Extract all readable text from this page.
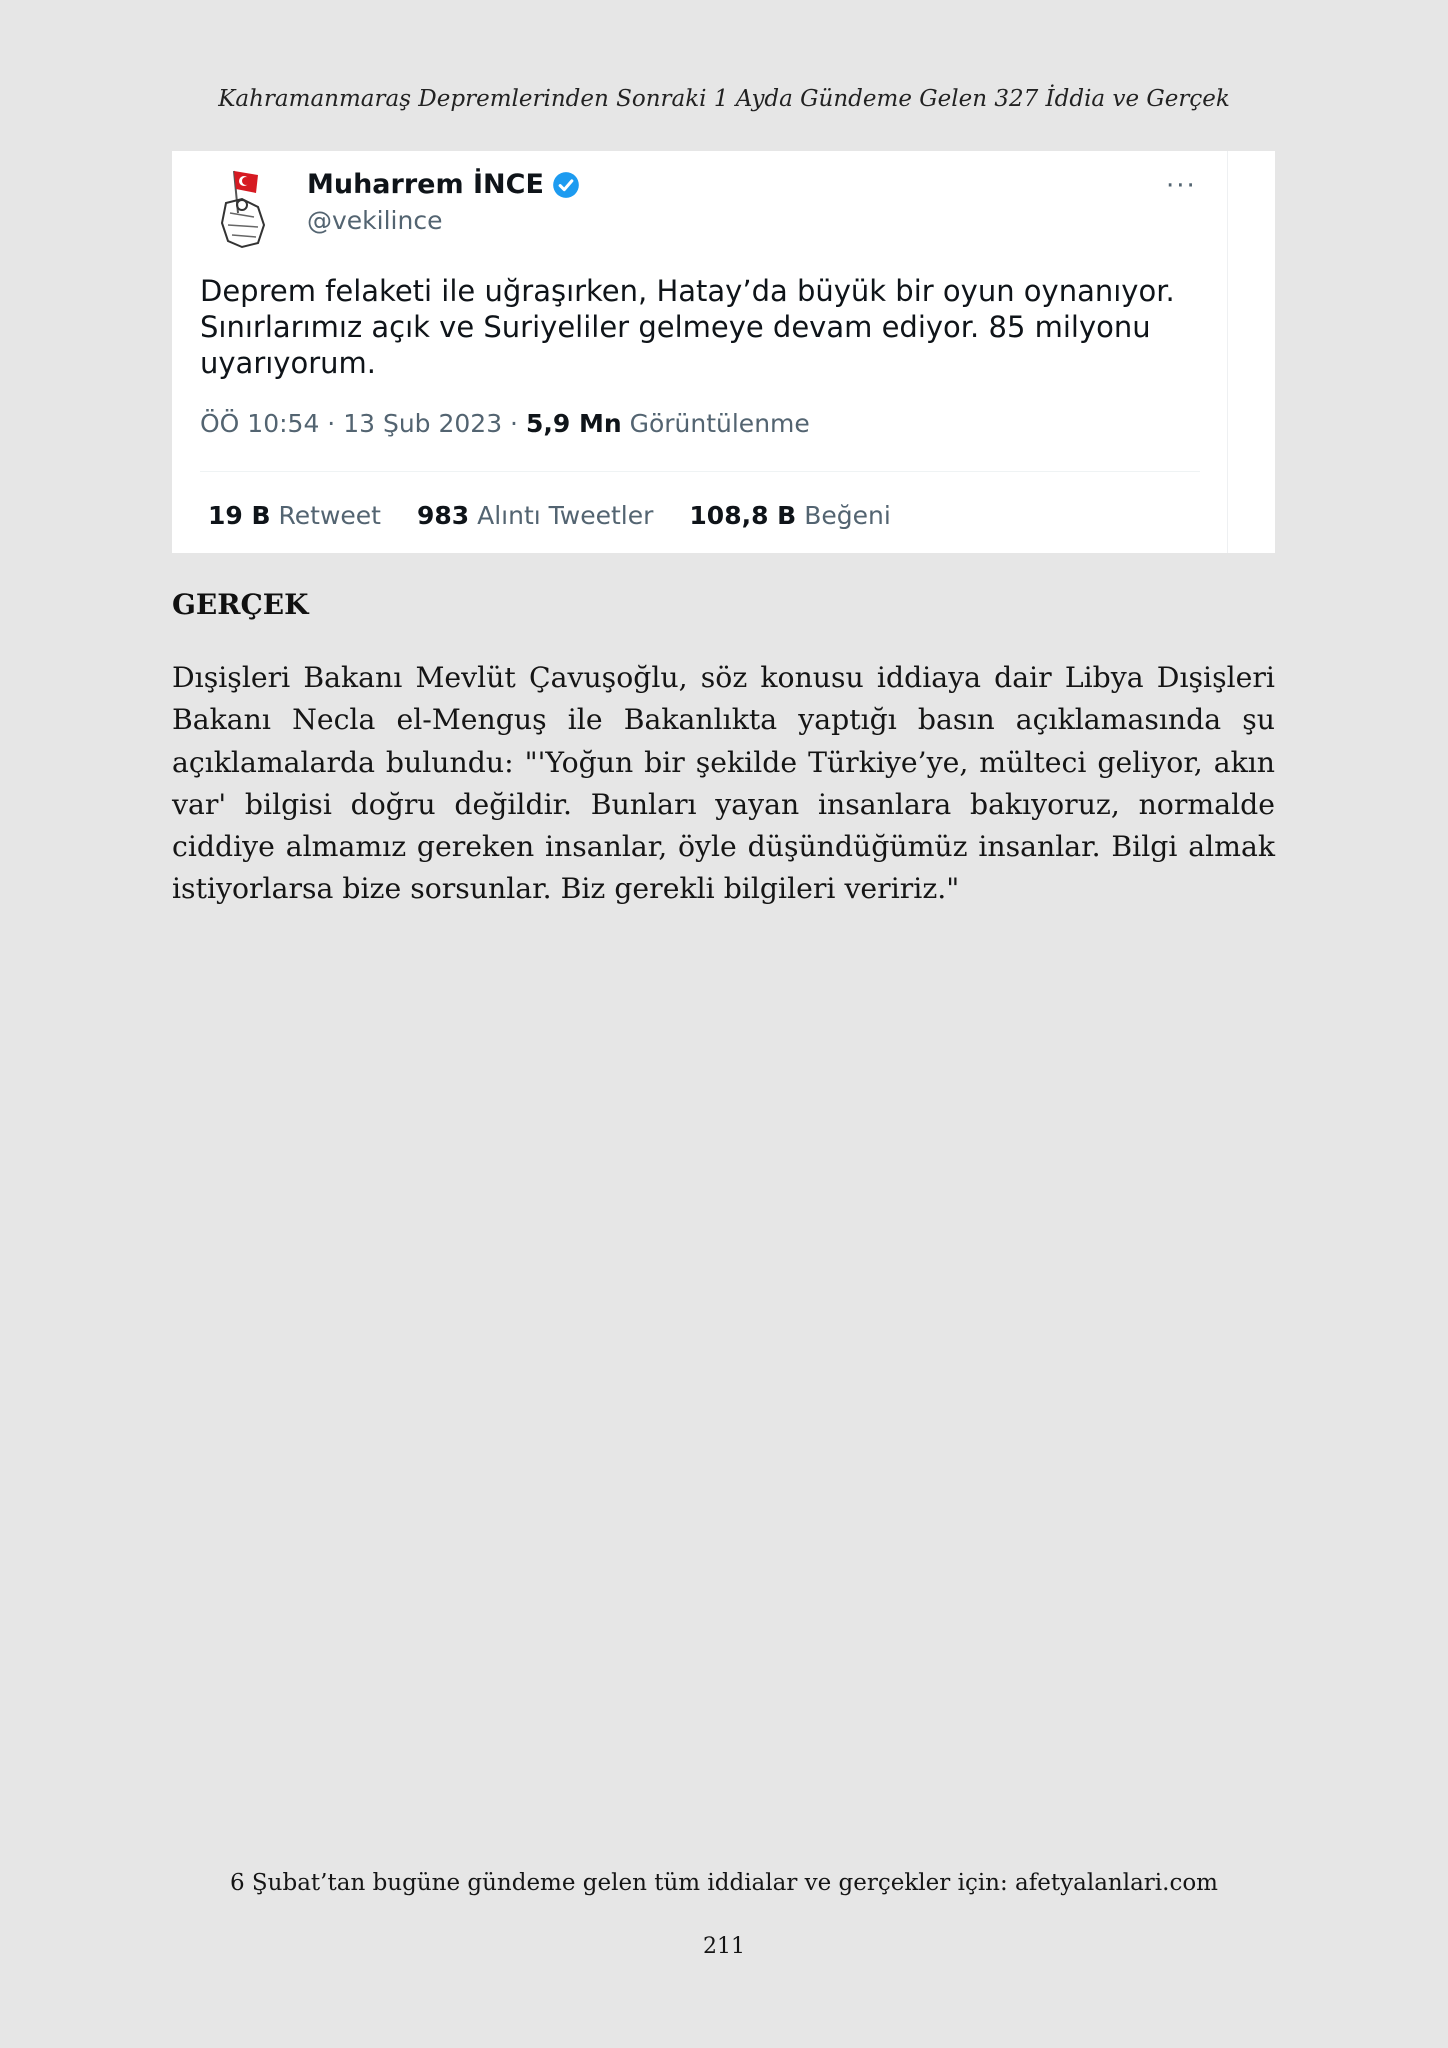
Kahramanmaraş Depremlerinden Sonraki 1 Ayda Gündeme Gelen 327 İddia ve Gerçek
Muharrem İNCE
@vekilince
···
Deprem felaketi ile uğraşırken, Hatay’da büyük bir oyun oynanıyor. Sınırlarımız açık ve Suriyeliler gelmeye devam ediyor. 85 milyonu uyarıyorum.
ÖÖ 10:54 · 13 Şub 2023 · 5,9 Mn Görüntülenme
19 B Retweet 983 Alıntı Tweetler 108,8 B Beğeni
GERÇEK
Dışişleri Bakanı Mevlüt Çavuşoğlu, söz konusu iddiaya dair Libya Dışişleri Bakanı Necla el-Menguş ile Bakanlıkta yaptığı basın açıklamasında şu açıklamalarda bulundu: "'Yoğun bir şekilde Türkiye’ye, mülteci geliyor, akın var' bilgisi doğru değildir. Bunları yayan insanlara bakıyoruz, normalde ciddiye almamız gereken insanlar, öyle düşündüğümüz insanlar. Bilgi almak istiyorlarsa bize sorsunlar. Biz gerekli bilgileri veririz."
6 Şubat’tan bugüne gündeme gelen tüm iddialar ve gerçekler için: afetyalanlari.com
211
